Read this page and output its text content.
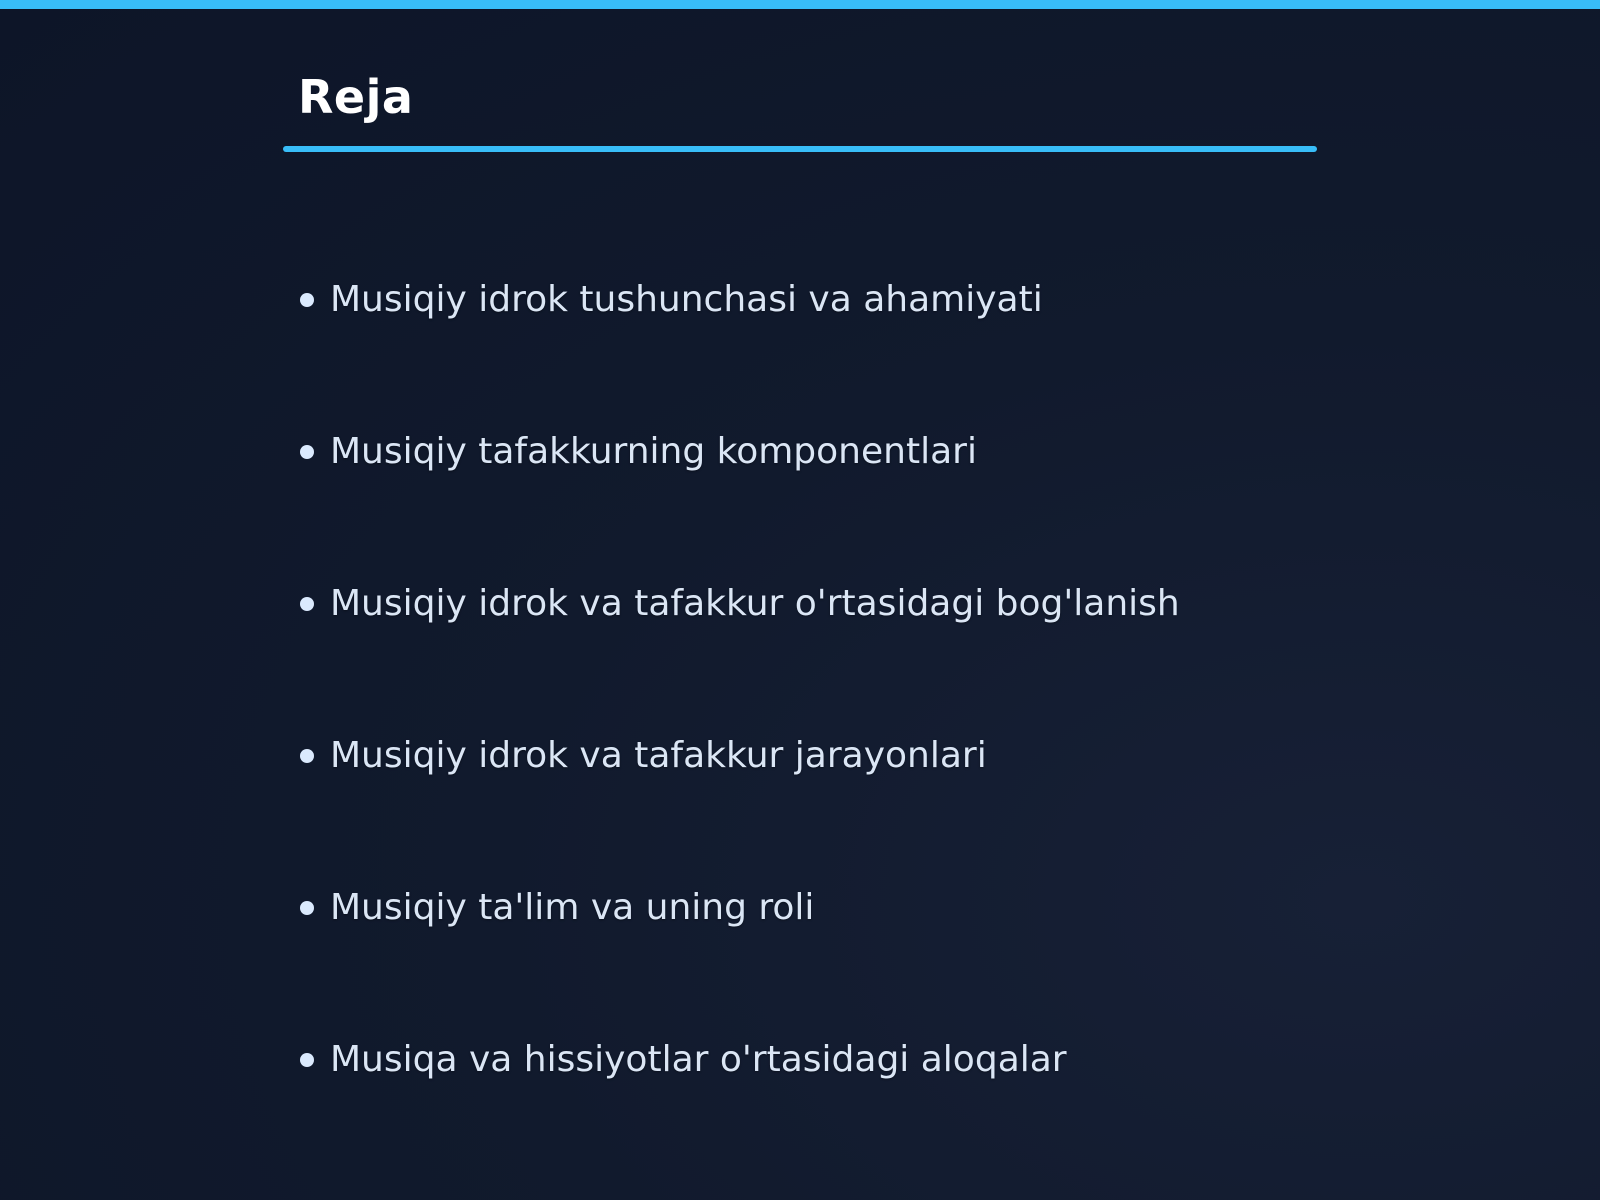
Reja
Musiqiy idrok tushunchasi va ahamiyati
Musiqiy tafakkurning komponentlari
Musiqiy idrok va tafakkur o'rtasidagi bog'lanish
Musiqiy idrok va tafakkur jarayonlari
Musiqiy ta'lim va uning roli
Musiqa va hissiyotlar o'rtasidagi aloqalar
